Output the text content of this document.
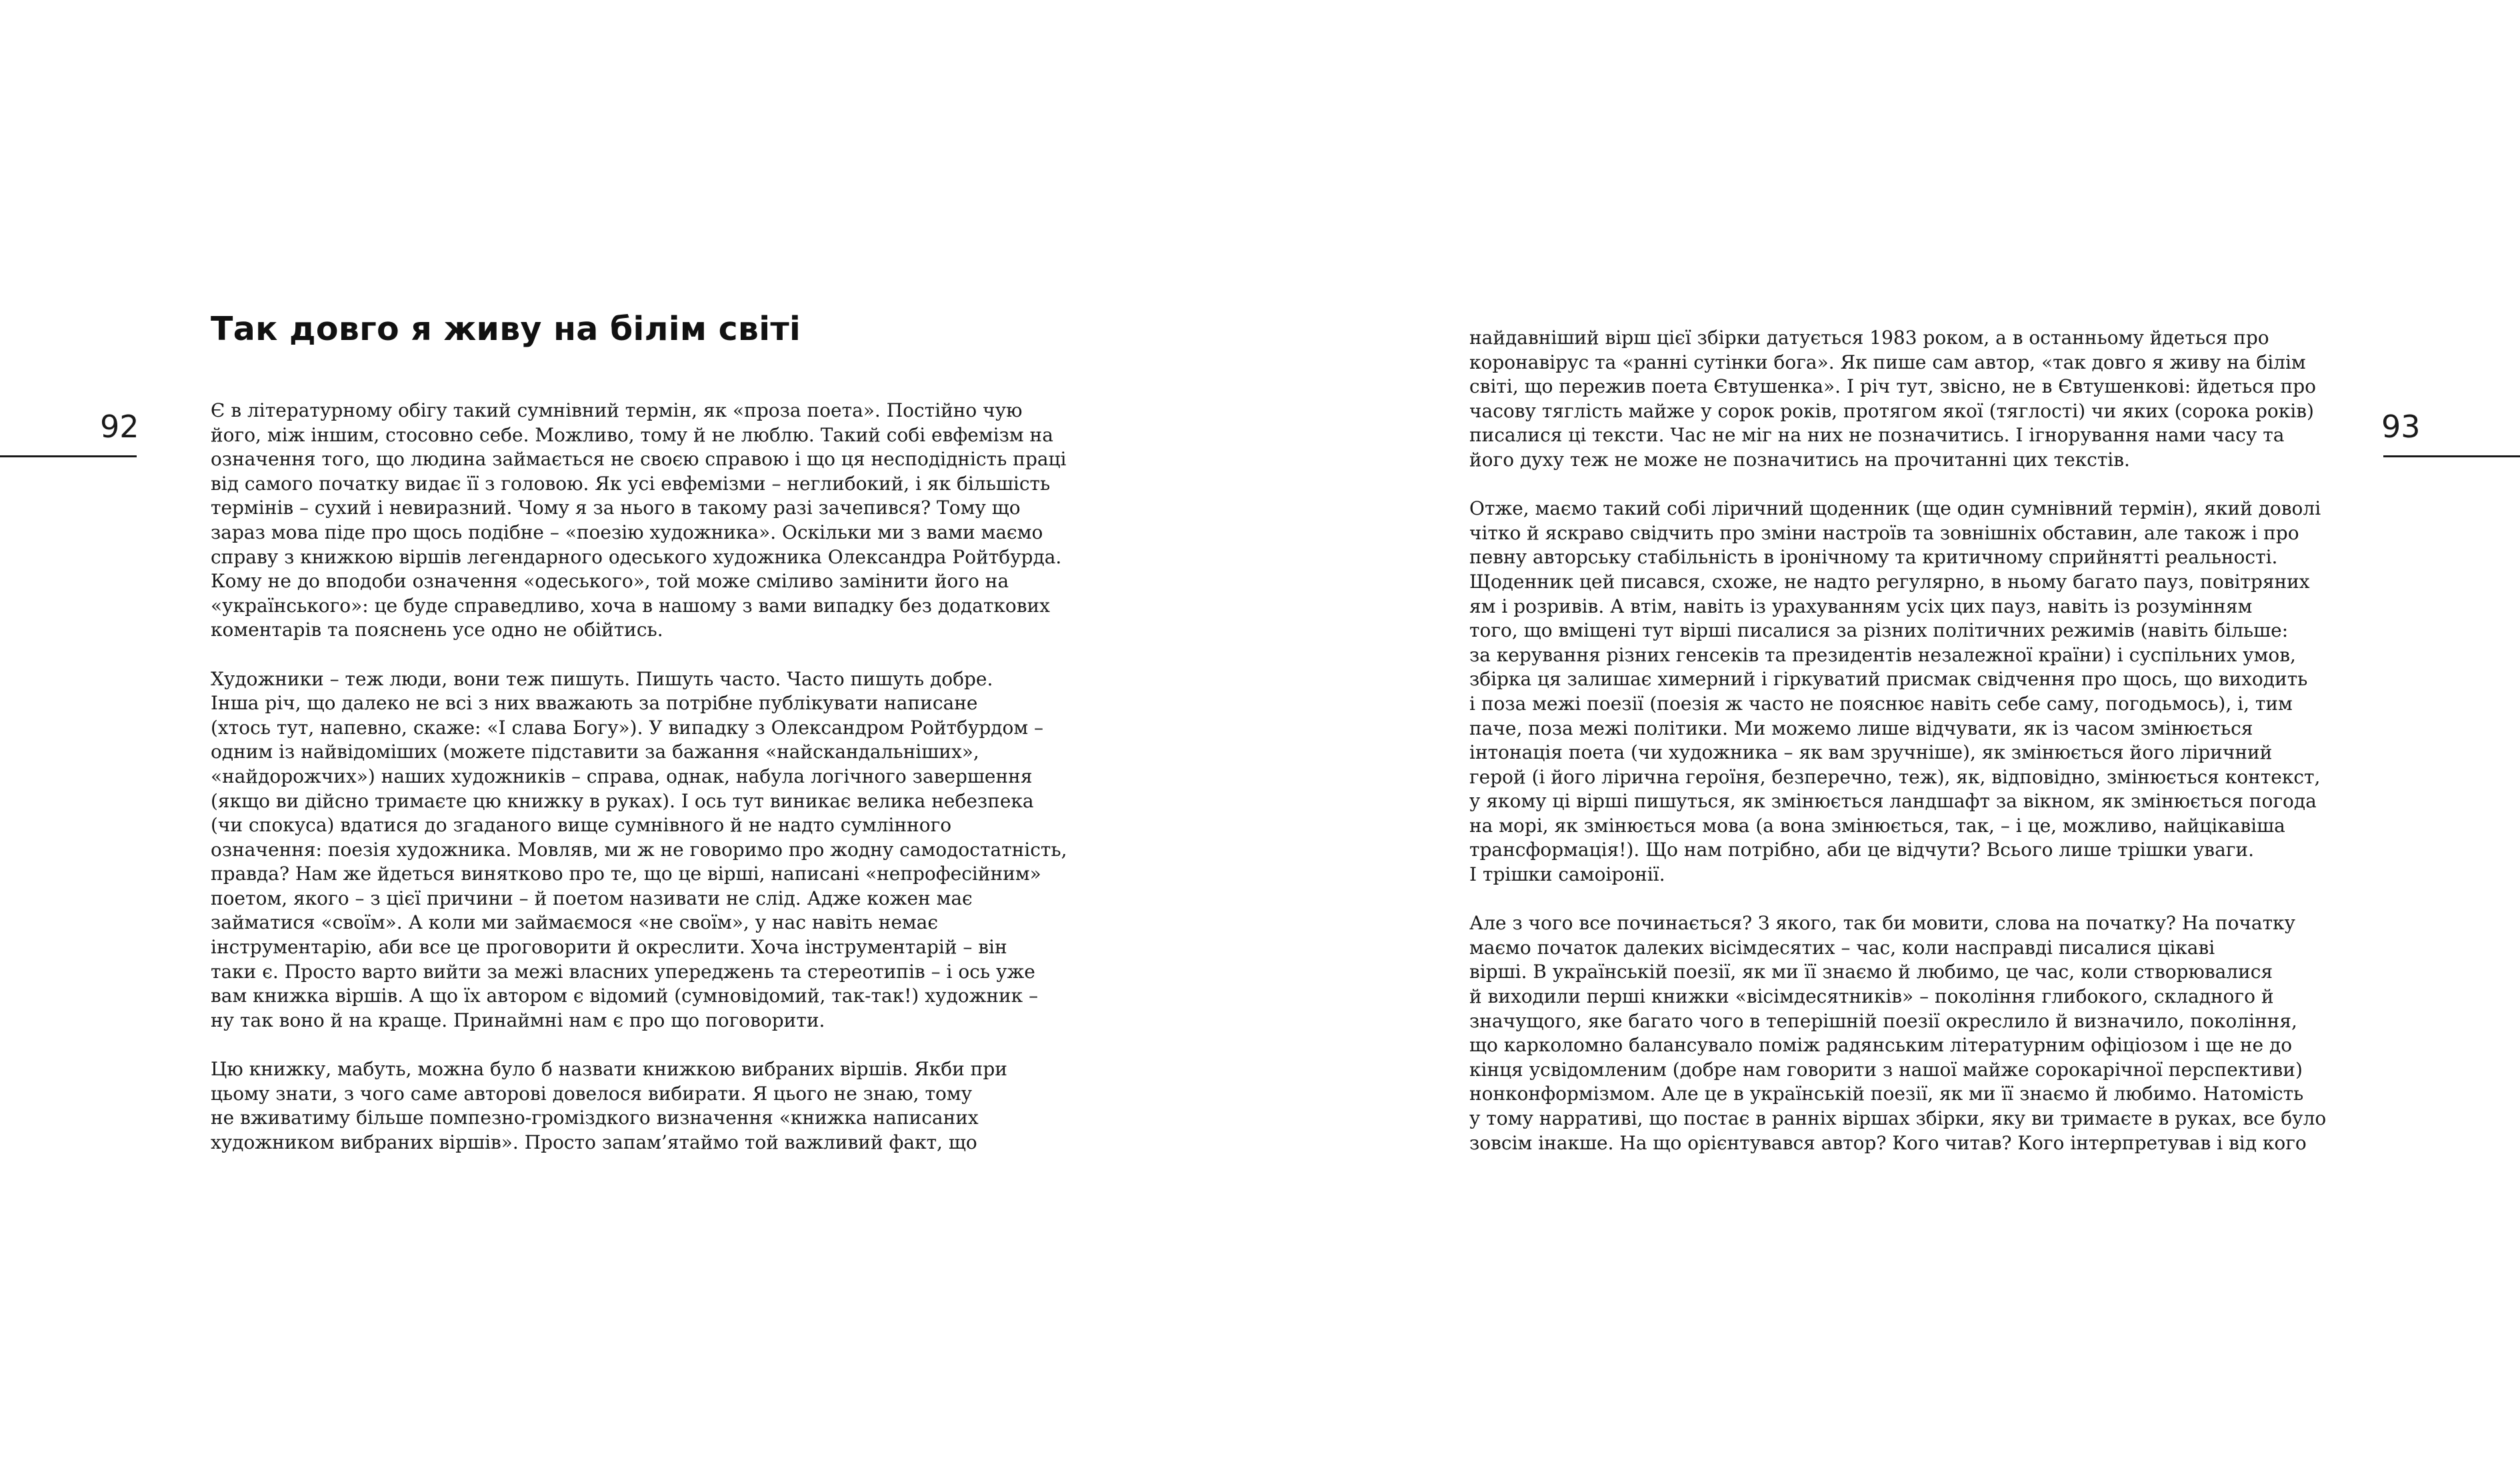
92
Так довго я живу на білім світі

Є в літературному обігу такий сумнівний термін, як «проза поета». Постійно чую
його, між іншим, стосовно себе. Можливо, тому й не люблю. Такий собі евфемізм на
означення того, що людина займається не своєю справою і що ця несподідність праці
від самого початку видає її з головою. Як усі евфемізми – неглибокий, і як більшість
термінів – сухий і невиразний. Чому я за нього в такому разі зачепився? Тому що
зараз мова піде про щось подібне – «поезію художника». Оскільки ми з вами маємо
справу з книжкою віршів легендарного одеського художника Олександра Ройтбурда.
Кому не до вподоби означення «одеського», той може сміливо замінити його на
«українського»: це буде справедливо, хоча в нашому з вами випадку без додаткових
коментарів та пояснень усе одно не обійтись.

Художники – теж люди, вони теж пишуть. Пишуть часто. Часто пишуть добре.
Інша річ, що далеко не всі з них вважають за потрібне публікувати написане
(хтось тут, напевно, скаже: «І слава Богу»). У випадку з Олександром Ройтбурдом –
одним із найвідоміших (можете підставити за бажання «найскандальніших»,
«найдорожчих») наших художників – справа, однак, набула логічного завершення
(якщо ви дійсно тримаєте цю книжку в руках). І ось тут виникає велика небезпека
(чи спокуса) вдатися до згаданого вище сумнівного й не надто сумлінного
означення: поезія художника. Мовляв, ми ж не говоримо про жодну самодостатність,
правда? Нам же йдеться винятково про те, що це вірші, написані «непрофесійним»
поетом, якого – з цієї причини – й поетом називати не слід. Адже кожен має
займатися «своїм». А коли ми займаємося «не своїм», у нас навіть немає
інструментарію, аби все це проговорити й окреслити. Хоча інструментарій – він
таки є. Просто варто вийти за межі власних упереджень та стереотипів – і ось уже
вам книжка віршів. А що їх автором є відомий (сумновідомий, так-так!) художник –
ну так воно й на краще. Принаймні нам є про що поговорити.

Цю книжку, мабуть, можна було б назвати книжкою вибраних віршів. Якби при
цьому знати, з чого саме авторові довелося вибирати. Я цього не знаю, тому
не вживатиму більше помпезно-громіздкого визначення «книжка написаних
художником вибраних віршів». Просто запам’ятаймо той важливий факт, що

93

найдавніший вірш цієї збірки датується 1983 роком, а в останньому йдеться про
коронавірус та «ранні сутінки бога». Як пише сам автор, «так довго я живу на білім
світі, що пережив поета Євтушенка». І річ тут, звісно, не в Євтушенкові: йдеться про
часову тяглість майже у сорок років, протягом якої (тяглості) чи яких (сорока років)
писалися ці тексти. Час не міг на них не позначитись. І ігнорування нами часу та
його духу теж не може не позначитись на прочитанні цих текстів.

Отже, маємо такий собі ліричний щоденник (ще один сумнівний термін), який доволі
чітко й яскраво свідчить про зміни настроїв та зовнішніх обставин, але також і про
певну авторську стабільність в іронічному та критичному сприйнятті реальності.
Щоденник цей писався, схоже, не надто регулярно, в ньому багато пауз, повітряних
ям і розривів. А втім, навіть із урахуванням усіх цих пауз, навіть із розумінням
того, що вміщені тут вірші писалися за різних політичних режимів (навіть більше:
за керування різних генсеків та президентів незалежної країни) і суспільних умов,
збірка ця залишає химерний і гіркуватий присмак свідчення про щось, що виходить
і поза межі поезії (поезія ж часто не пояснює навіть себе саму, погодьмось), і, тим
паче, поза межі політики. Ми можемо лише відчувати, як із часом змінюється
інтонація поета (чи художника – як вам зручніше), як змінюється його ліричний
герой (і його лірична героїня, безперечно, теж), як, відповідно, змінюється контекст,
у якому ці вірші пишуться, як змінюється ландшафт за вікном, як змінюється погода
на морі, як змінюється мова (а вона змінюється, так, – і це, можливо, найцікавіша
трансформація!). Що нам потрібно, аби це відчути? Всього лише трішки уваги.
І трішки самоіронії.

Але з чого все починається? З якого, так би мовити, слова на початку? На початку
маємо початок далеких вісімдесятих – час, коли насправді писалися цікаві
вірші. В українській поезії, як ми її знаємо й любимо, це час, коли створювалися
й виходили перші книжки «вісімдесятників» – покоління глибокого, складного й
значущого, яке багато чого в теперішній поезії окреслило й визначило, покоління,
що карколомно балансувало поміж радянським літературним офіціозом і ще не до
кінця усвідомленим (добре нам говорити з нашої майже сорокарічної перспективи)
нонконформізмом. Але це в українській поезії, як ми її знаємо й любимо. Натомість
у тому нарративі, що постає в ранніх віршах збірки, яку ви тримаєте в руках, все було
зовсім інакше. На що орієнтувався автор? Кого читав? Кого інтерпретував і від кого
